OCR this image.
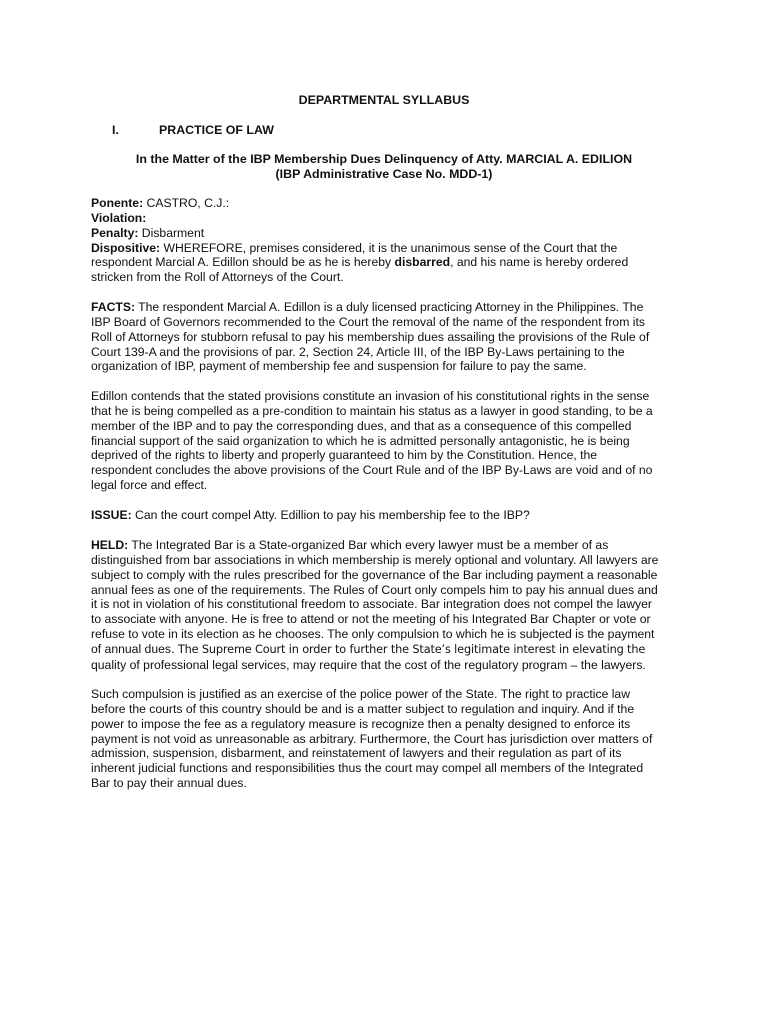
DEPARTMENTAL SYLLABUS
I.	PRACTICE OF LAW
In the Matter of the IBP Membership Dues Delinquency of Atty. MARCIAL A. EDILION
(IBP Administrative Case No. MDD-1)
Ponente: CASTRO, C.J.:
Violation:
Penalty: Disbarment
Dispositive: WHEREFORE, premises considered, it is the unanimous sense of the Court that the
respondent Marcial A. Edillon should be as he is hereby disbarred, and his name is hereby ordered
stricken from the Roll of Attorneys of the Court.
FACTS: The respondent Marcial A. Edillon is a duly licensed practicing Attorney in the Philippines. The
IBP Board of Governors recommended to the Court the removal of the name of the respondent from its
Roll of Attorneys for stubborn refusal to pay his membership dues assailing the provisions of the Rule of
Court 139-A and the provisions of par. 2, Section 24, Article III, of the IBP By-Laws pertaining to the
organization of IBP, payment of membership fee and suspension for failure to pay the same.
Edillon contends that the stated provisions constitute an invasion of his constitutional rights in the sense
that he is being compelled as a pre-condition to maintain his status as a lawyer in good standing, to be a
member of the IBP and to pay the corresponding dues, and that as a consequence of this compelled
financial support of the said organization to which he is admitted personally antagonistic, he is being
deprived of the rights to liberty and properly guaranteed to him by the Constitution. Hence, the
respondent concludes the above provisions of the Court Rule and of the IBP By-Laws are void and of no
legal force and effect.
ISSUE: Can the court compel Atty. Edillion to pay his membership fee to the IBP?
HELD: The Integrated Bar is a State-organized Bar which every lawyer must be a member of as
distinguished from bar associations in which membership is merely optional and voluntary. All lawyers are
subject to comply with the rules prescribed for the governance of the Bar including payment a reasonable
annual fees as one of the requirements. The Rules of Court only compels him to pay his annual dues and
it is not in violation of his constitutional freedom to associate. Bar integration does not compel the lawyer
to associate with anyone. He is free to attend or not the meeting of his Integrated Bar Chapter or vote or
refuse to vote in its election as he chooses. The only compulsion to which he is subjected is the payment
of annual dues. The Supreme Court in order to further the State’s legitimate interest in elevating the
quality of professional legal services, may require that the cost of the regulatory program – the lawyers.
Such compulsion is justified as an exercise of the police power of the State. The right to practice law
before the courts of this country should be and is a matter subject to regulation and inquiry. And if the
power to impose the fee as a regulatory measure is recognize then a penalty designed to enforce its
payment is not void as unreasonable as arbitrary. Furthermore, the Court has jurisdiction over matters of
admission, suspension, disbarment, and reinstatement of lawyers and their regulation as part of its
inherent judicial functions and responsibilities thus the court may compel all members of the Integrated
Bar to pay their annual dues.
